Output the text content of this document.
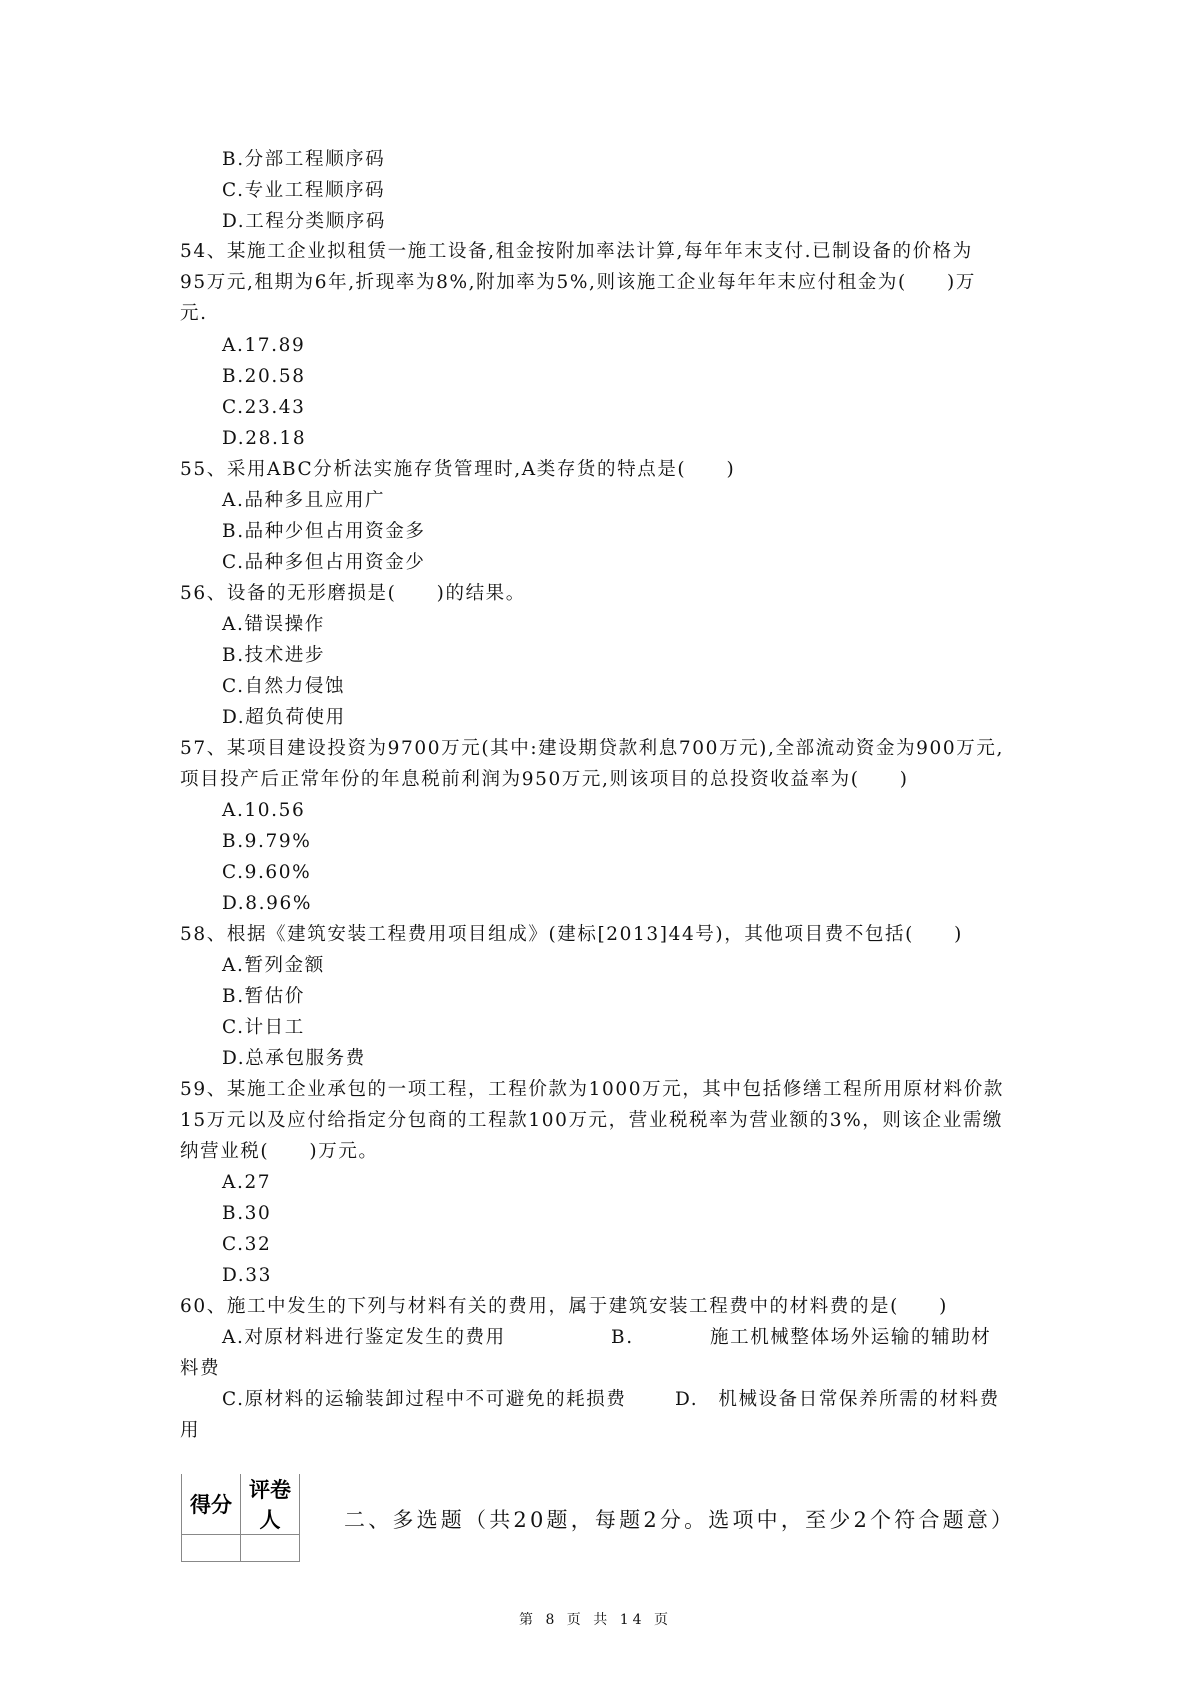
B.分部工程顺序码
C.专业工程顺序码
D.工程分类顺序码
54、某施工企业拟租赁一施工设备,租金按附加率法计算,每年年末支付.已制设备的价格为
95万元,租期为6年,折现率为8%,附加率为5%,则该施工企业每年年末应付租金为(　　)万
元.
A.17.89
B.20.58
C.23.43
D.28.18
55、采用ABC分析法实施存货管理时,A类存货的特点是(　　)
A.品种多且应用广
B.品种少但占用资金多
C.品种多但占用资金少
56、设备的无形磨损是(　　)的结果。
A.错误操作
B.技术进步
C.自然力侵蚀
D.超负荷使用
57、某项目建设投资为9700万元(其中:建设期贷款利息700万元),全部流动资金为900万元,
项目投产后正常年份的年息税前利润为950万元,则该项目的总投资收益率为(　　)
A.10.56
B.9.79%
C.9.60%
D.8.96%
58、根据《建筑安装工程费用项目组成》(建标[2013]44号)，其他项目费不包括(　　)
A.暂列金额
B.暂估价
C.计日工
D.总承包服务费
59、某施工企业承包的一项工程，工程价款为1000万元，其中包括修缮工程所用原材料价款
15万元以及应付给指定分包商的工程款100万元，营业税税率为营业额的3%，则该企业需缴
纳营业税(　　)万元。
A.27
B.30
C.32
D.33
60、施工中发生的下列与材料有关的费用，属于建筑安装工程费中的材料费的是(　　)
A.对原材料进行鉴定发生的费用	B.	施工机械整体场外运输的辅助材
料费
C.原材料的运输装卸过程中不可避免的耗损费	D.　机械设备日常保养所需的材料费
用
得分	评卷人
		二、多选题（共20题，每题2分。选项中，至少2个符合题意）
第 8 页 共 14 页
